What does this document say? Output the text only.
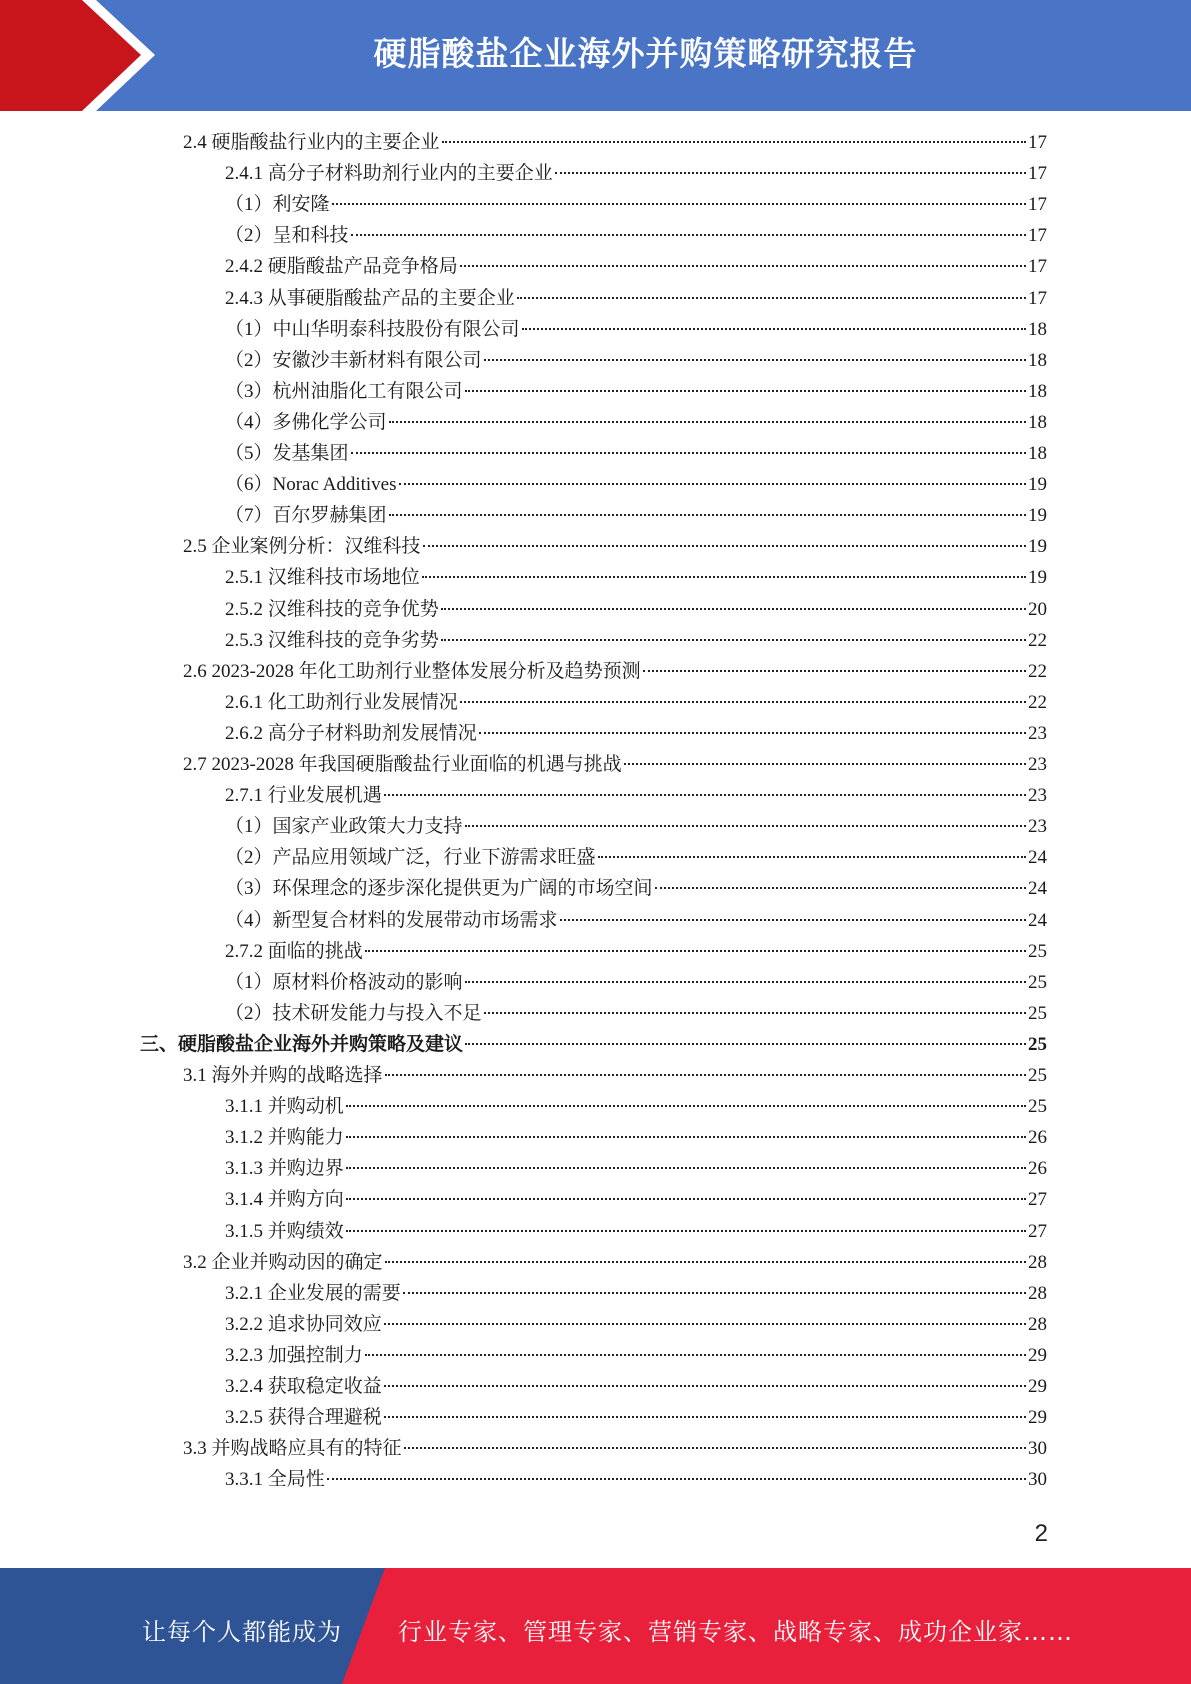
硬脂酸盐企业海外并购策略研究报告
2.4 硬脂酸盐行业内的主要企业	17
2.4.1 高分子材料助剂行业内的主要企业	17
（1）利安隆	17
（2）呈和科技	17
2.4.2 硬脂酸盐产品竞争格局	17
2.4.3 从事硬脂酸盐产品的主要企业	17
（1）中山华明泰科技股份有限公司	18
（2）安徽沙丰新材料有限公司	18
（3）杭州油脂化工有限公司	18
（4）多佛化学公司	18
（5）发基集团	18
（6）Norac Additives	19
（7）百尔罗赫集团	19
2.5 企业案例分析：汉维科技	19
2.5.1 汉维科技市场地位	19
2.5.2 汉维科技的竞争优势	20
2.5.3 汉维科技的竞争劣势	22
2.6 2023-2028 年化工助剂行业整体发展分析及趋势预测	22
2.6.1 化工助剂行业发展情况	22
2.6.2 高分子材料助剂发展情况	23
2.7 2023-2028 年我国硬脂酸盐行业面临的机遇与挑战	23
2.7.1 行业发展机遇	23
（1）国家产业政策大力支持	23
（2）产品应用领域广泛，行业下游需求旺盛	24
（3）环保理念的逐步深化提供更为广阔的市场空间	24
（4）新型复合材料的发展带动市场需求	24
2.7.2 面临的挑战	25
（1）原材料价格波动的影响	25
（2）技术研发能力与投入不足	25
三、硬脂酸盐企业海外并购策略及建议	25
3.1 海外并购的战略选择	25
3.1.1 并购动机	25
3.1.2 并购能力	26
3.1.3 并购边界	26
3.1.4 并购方向	27
3.1.5 并购绩效	27
3.2 企业并购动因的确定	28
3.2.1 企业发展的需要	28
3.2.2 追求协同效应	28
3.2.3 加强控制力	29
3.2.4 获取稳定收益	29
3.2.5 获得合理避税	29
3.3 并购战略应具有的特征	30
3.3.1 全局性	30
2
让每个人都能成为 行业专家、管理专家、营销专家、战略专家、成功企业家……
